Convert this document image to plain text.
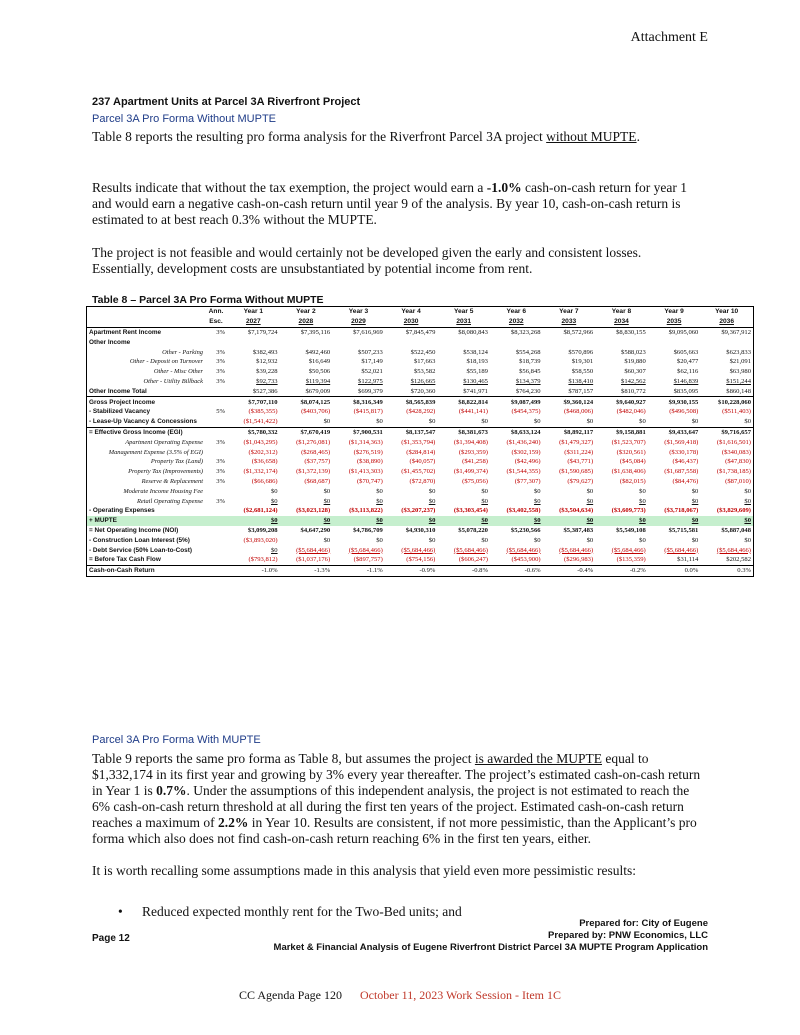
Attachment E
237 Apartment Units at Parcel 3A Riverfront Project
Parcel 3A Pro Forma Without MUPTE

Table 8 reports the resulting pro forma analysis for the Riverfront Parcel 3A project without MUPTE.

Results indicate that without the tax exemption, the project would earn a -1.0% cash-on-cash return for year 1 and would earn a negative cash-on-cash return until year 9 of the analysis. By year 10, cash-on-cash return is estimated to at best reach 0.3% without the MUPTE.

The project is not feasible and would certainly not be developed given the early and consistent losses. Essentially, development costs are unsubstantiated by potential income from rent.
Table 8 – Parcel 3A Pro Forma Without MUPTE
	Ann.	Year 1	Year 2	Year 3	Year 4	Year 5	Year 6	Year 7	Year 8	Year 9	Year 10
	Esc.	2027	2028	2029	2030	2031	2032	2033	2034	2035	2036
Apartment Rent Income	3%	$7,179,724	$7,395,116	$7,616,969	$7,845,479	$8,080,843	$8,323,268	$8,572,966	$8,830,155	$9,095,060	$9,367,912
Other Income											
Other - Parking	3%	$382,493	$492,460	$507,233	$522,450	$538,124	$554,268	$570,896	$588,023	$605,663	$623,833
Other - Deposit on Turnover	3%	$12,932	$16,649	$17,149	$17,663	$18,193	$18,739	$19,301	$19,880	$20,477	$21,091
Other - Misc Other	3%	$39,228	$50,506	$52,021	$53,582	$55,189	$56,845	$58,550	$60,307	$62,116	$63,980
Other - Utility Billback	3%	$92,733	$119,394	$122,975	$126,665	$130,465	$134,379	$138,410	$142,562	$146,839	$151,244
Other Income Total		$527,386	$679,009	$699,379	$720,360	$741,971	$764,230	$787,157	$810,772	$835,095	$860,148
Gross Project Income		$7,707,110	$8,074,125	$8,316,349	$8,565,839	$8,822,814	$9,087,499	$9,360,124	$9,640,927	$9,930,155	$10,228,060
- Stabilized Vacancy	5%	($385,355)	($403,706)	($415,817)	($428,292)	($441,141)	($454,375)	($468,006)	($482,046)	($496,508)	($511,403)
- Lease-Up Vacancy & Concessions		($1,541,422)	$0	$0	$0	$0	$0	$0	$0	$0	$0
= Effective Gross Income (EGI)		$5,780,332	$7,670,419	$7,900,531	$8,137,547	$8,381,673	$8,633,124	$8,892,117	$9,158,881	$9,433,647	$9,716,657
Apartment Operating Expense	3%	($1,043,295)	($1,276,081)	($1,314,363)	($1,353,794)	($1,394,408)	($1,436,240)	($1,479,327)	($1,523,707)	($1,569,418)	($1,616,501)
Management Expense (3.5% of EGI)		($202,312)	($268,465)	($276,519)	($284,814)	($293,359)	($302,159)	($311,224)	($320,561)	($330,178)	($340,083)
Property Tax (Land)	3%	($36,658)	($37,757)	($38,890)	($40,057)	($41,258)	($42,496)	($43,771)	($45,084)	($46,437)	($47,830)
Property Tax (Improvements)	3%	($1,332,174)	($1,372,139)	($1,413,303)	($1,455,702)	($1,499,374)	($1,544,355)	($1,590,685)	($1,638,406)	($1,687,558)	($1,738,185)
Reserve & Replacement	3%	($66,686)	($68,687)	($70,747)	($72,870)	($75,056)	($77,307)	($79,627)	($82,015)	($84,476)	($87,010)
Moderate Income Housing Fee		$0	$0	$0	$0	$0	$0	$0	$0	$0	$0
Retail Operating Expense	3%	$0	$0	$0	$0	$0	$0	$0	$0	$0	$0
- Operating Expenses		($2,681,124)	($3,023,128)	($3,113,822)	($3,207,237)	($3,303,454)	($3,402,558)	($3,504,634)	($3,609,773)	($3,718,067)	($3,829,609)
+ MUPTE		$0	$0	$0	$0	$0	$0	$0	$0	$0	$0
= Net Operating Income (NOI)		$3,099,208	$4,647,290	$4,786,709	$4,930,310	$5,078,220	$5,230,566	$5,387,483	$5,549,108	$5,715,581	$5,887,048
- Construction Loan Interest (5%)		($3,893,020)	$0	$0	$0	$0	$0	$0	$0	$0	$0
- Debt Service (50% Loan-to-Cost)		$0	($5,684,466)	($5,684,466)	($5,684,466)	($5,684,466)	($5,684,466)	($5,684,466)	($5,684,466)	($5,684,466)	($5,684,466)
= Before Tax Cash Flow		($793,812)	($1,037,176)	($897,757)	($754,156)	($606,247)	($453,900)	($296,983)	($135,359)	$31,114	$202,582
Cash-on-Cash Return		-1.0%	-1.3%	-1.1%	-0.9%	-0.8%	-0.6%	-0.4%	-0.2%	0.0%	0.3%
Parcel 3A Pro Forma With MUPTE

Table 9 reports the same pro forma as Table 8, but assumes the project is awarded the MUPTE equal to $1,332,174 in its first year and growing by 3% every year thereafter. The project’s estimated cash-on-cash return in Year 1 is 0.7%. Under the assumptions of this independent analysis, the project is not estimated to reach the 6% cash-on-cash return threshold at all during the first ten years of the project. Estimated cash-on-cash return reaches a maximum of 2.2% in Year 10. Results are consistent, if not more pessimistic, than the Applicant’s pro forma which also does not find cash-on-cash return reaching 6% in the first ten years, either.

It is worth recalling some assumptions made in this analysis that yield even more pessimistic results:
• Reduced expected monthly rent for the Two-Bed units; and
Page 12
Prepared for: City of Eugene
Prepared by: PNW Economics, LLC
Market & Financial Analysis of Eugene Riverfront District Parcel 3A MUPTE Program Application
CC Agenda Page 120 October 11, 2023 Work Session - Item 1C
